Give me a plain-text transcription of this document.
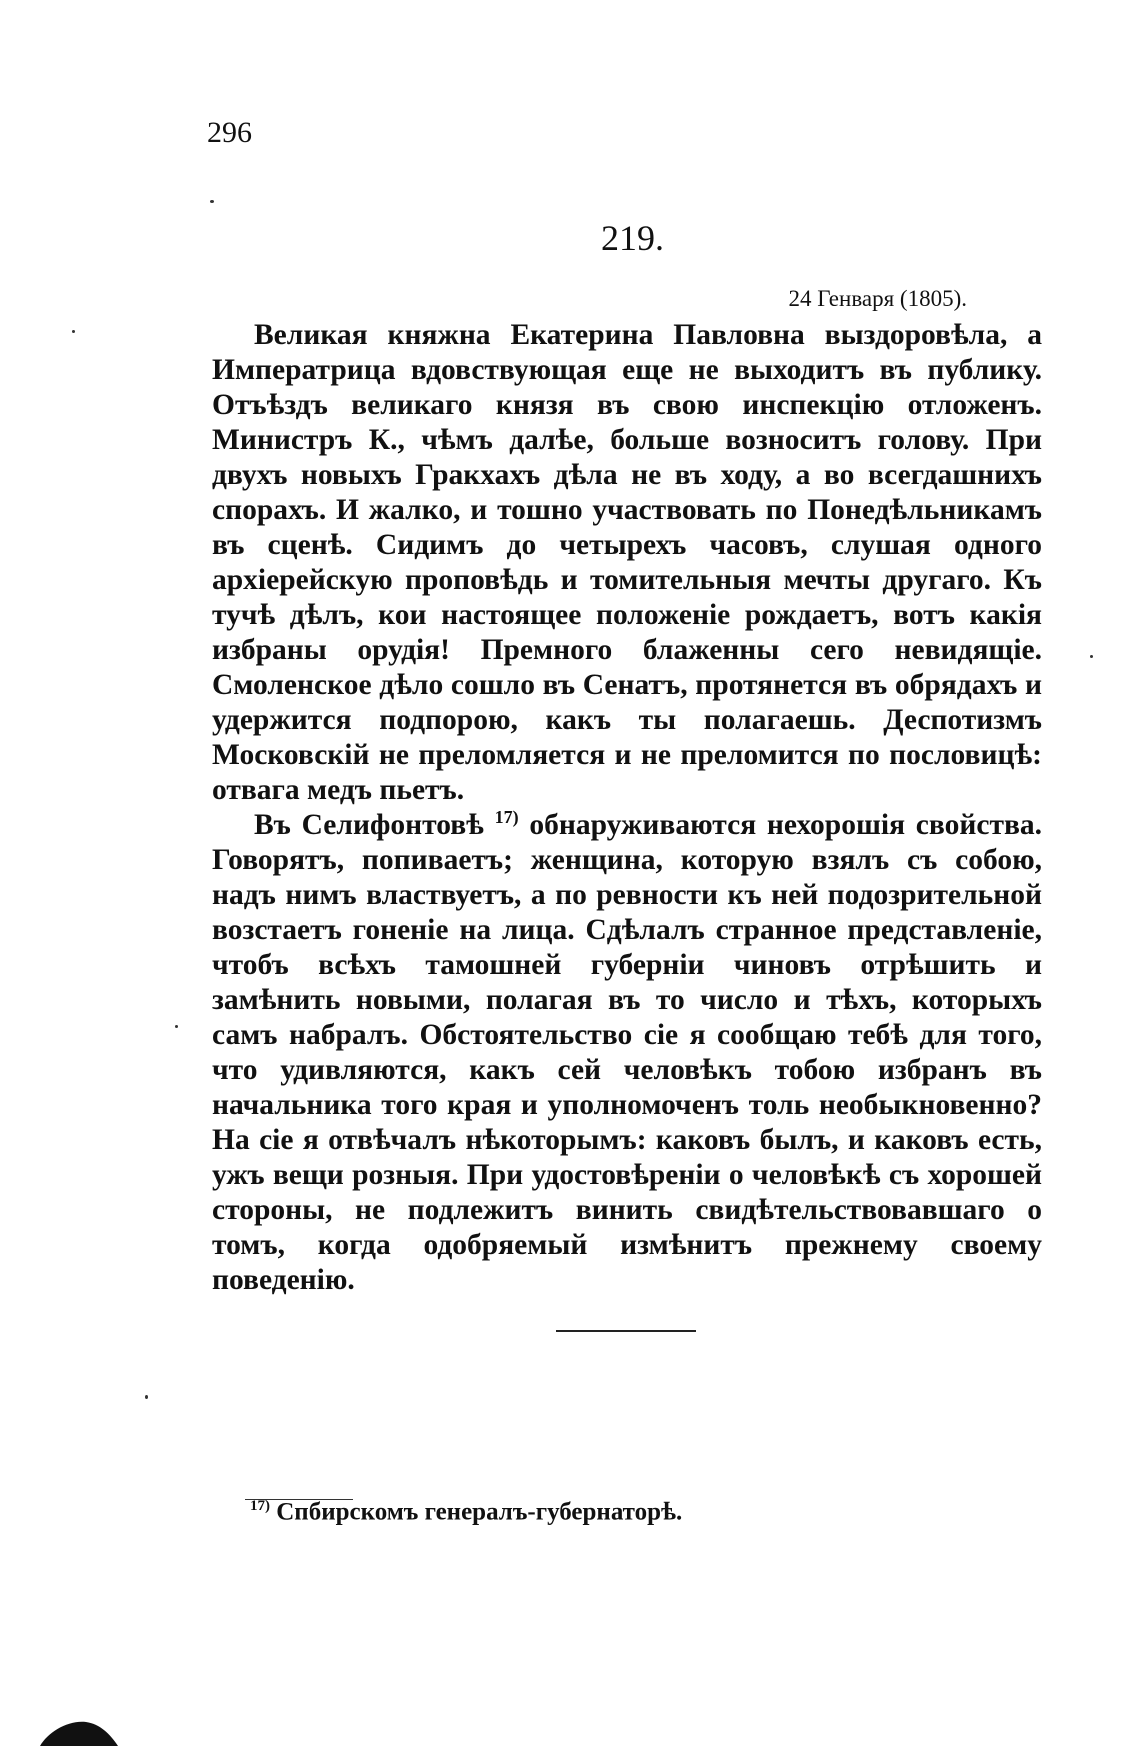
296
219.
24 Генваря (1805).

Великая княжна Екатерина Павловна выздоровѣла, а Императрица вдовствующая еще не выходитъ въ публику. Отъѣздъ великаго князя въ свою инспекцію отложенъ. Министръ К., чѣмъ далѣе, больше возноситъ голову. При двухъ новыхъ Гракхахъ дѣла не въ ходу, а во всегдашнихъ спорахъ. И жалко, и тошно участвовать по Понедѣльникамъ въ сценѣ. Сидимъ до четырехъ часовъ, слушая одного архіерейскую проповѣдь и томительныя мечты другаго. Къ тучѣ дѣлъ, кои настоящее положеніе рождаетъ, вотъ какія избраны орудія! Премного блаженны сего невидящіе. Смоленское дѣло сошло въ Сенатъ, протянется въ обрядахъ и удержится подпорою, какъ ты полагаешь. Деспотизмъ Московскій не преломляется и не преломится по пословицѣ: отвага медъ пьетъ.

Въ Селифонтовѣ $^{17)}$ обнаруживаются нехорошія свойства. Говорятъ, попиваетъ; женщина, которую взялъ съ собою, надъ нимъ властвуетъ, а по ревности къ ней подозрительной возстаетъ гоненіе на лица. Сдѣлалъ странное представленіе, чтобъ всѣхъ тамошней губерніи чиновъ отрѣшить и замѣнить новыми, полагая въ то число и тѣхъ, которыхъ самъ набралъ. Обстоятельство сіе я сообщаю тебѣ для того, что удивляются, какъ сей человѣкъ тобою избранъ въ начальника того края и уполномоченъ толь необыкновенно? На сіе я отвѣчалъ нѣкоторымъ: каковъ былъ, и каковъ есть, ужъ вещи розныя. При удостовѣреніи о человѣкѣ съ хорошей стороны, не подлежитъ винить свидѣтельствовавшаго о томъ, когда одобряемый измѣнитъ прежнему своему поведенію.

$^{17)}$ Спбирскомъ генералъ-губернаторѣ.
